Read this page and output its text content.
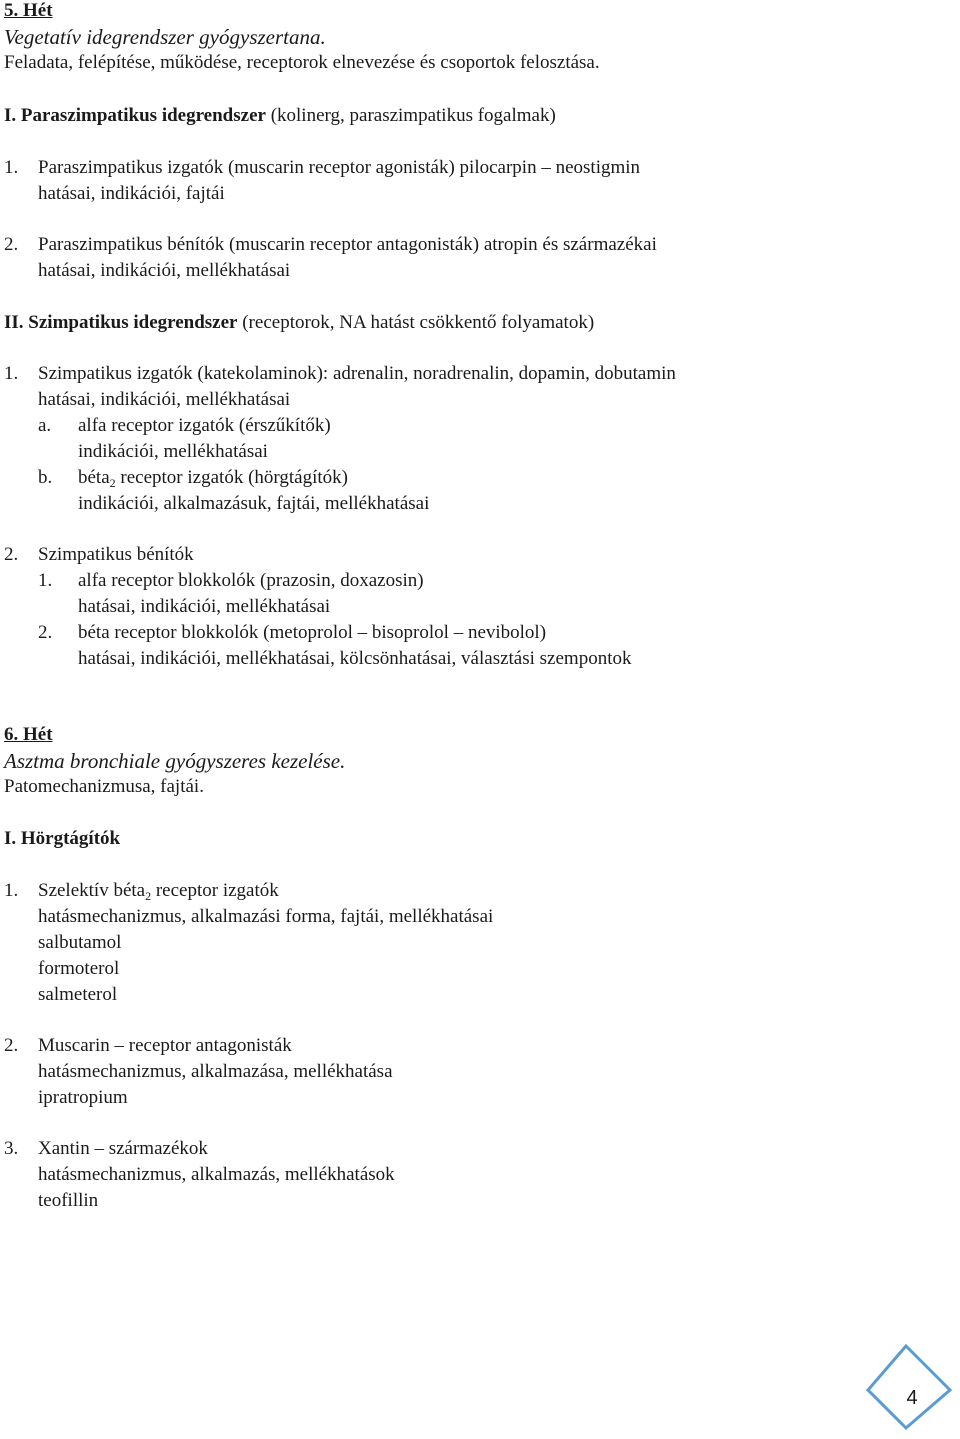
5. Hét
Vegetatív idegrendszer gyógyszertana.
Feladata, felépítése, működése, receptorok elnevezése és csoportok felosztása.
I. Paraszimpatikus idegrendszer (kolinerg, paraszimpatikus fogalmak)
1. Paraszimpatikus izgatók (muscarin receptor agonisták) pilocarpin – neostigmin
hatásai, indikációi, fajtái
2. Paraszimpatikus bénítók (muscarin receptor antagonisták) atropin és származékai
hatásai, indikációi, mellékhatásai
II. Szimpatikus idegrendszer (receptorok, NA hatást csökkentő folyamatok)
1. Szimpatikus izgatók (katekolaminok): adrenalin, noradrenalin, dopamin, dobutamin
hatásai, indikációi, mellékhatásai
a. alfa receptor izgatók (érszűkítők)
indikációi, mellékhatásai
b. béta$_2$ receptor izgatók (hörgtágítók)
indikációi, alkalmazásuk, fajtái, mellékhatásai
2. Szimpatikus bénítók
1. alfa receptor blokkolók (prazosin, doxazosin)
hatásai, indikációi, mellékhatásai
2. béta receptor blokkolók (metoprolol – bisoprolol – nevibolol)
hatásai, indikációi, mellékhatásai, kölcsönhatásai, választási szempontok
6. Hét
Asztma bronchiale gyógyszeres kezelése.
Patomechanizmusa, fajtái.
I. Hörgtágítók
1. Szelektív béta$_2$ receptor izgatók
hatásmechanizmus, alkalmazási forma, fajtái, mellékhatásai
salbutamol
formoterol
salmeterol
2. Muscarin – receptor antagonisták
hatásmechanizmus, alkalmazása, mellékhatása
ipratropium
3. Xantin – származékok
hatásmechanizmus, alkalmazás, mellékhatások
teofillin
4
